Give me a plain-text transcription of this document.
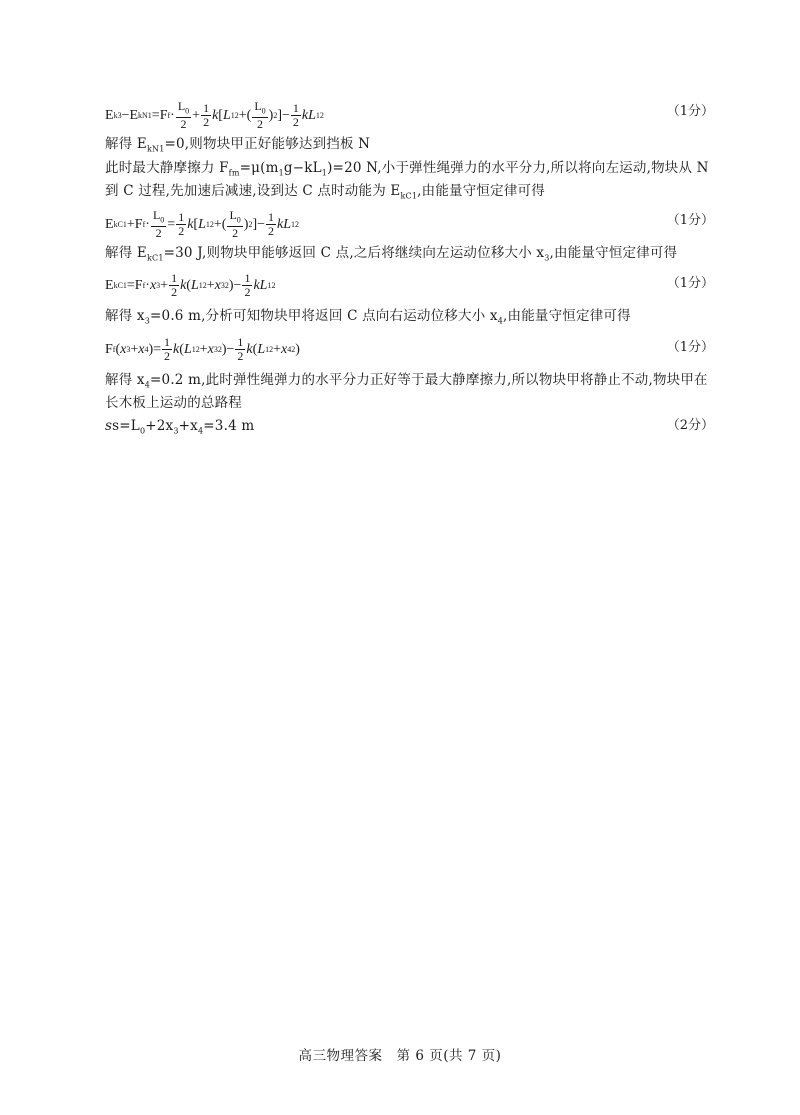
E k3 −E kN1 =F $f \cdot \frac{L_0}{2} + \frac{1}{2}$ k [ L 1 2 +( $\frac{L_0}{2}$ ) 2 ]− $\frac{1}{2}$ kL 1 2	（1分）
解得 $E_{kN1}=0$,则物块甲正好能够达到挡板 N
此时最大静摩擦力 $F_{fm}=\mu(m_1g-kL_1)=20$ N,小于弹性绳弹力的水平分力,所以将向左运动,物块从 N
到 C 过程,先加速后减速,设到达 C 点时动能为 $E_{kC1}$,由能量守恒定律可得
E kC1 +F $f \cdot \frac{L_0}{2} = \frac{1}{2}$ k [ L 1 2 +( $\frac{L_0}{2}$ ) 2 ]− $\frac{1}{2}$ kL 1 2	（1分）
解得 $E_{kC1}=30$ J,则物块甲能够返回 C 点,之后将继续向左运动位移大小 $x_3$,由能量守恒定律可得
E kC1 =F f · x $3 + \frac{1}{2}$ k ( L 1 2 + x 3 2 )− $\frac{1}{2}$ kL 1 2	（1分）
解得 $x_3=0.6$ m,分析可知物块甲将返回 C 点向右运动位移大小 $x_4$,由能量守恒定律可得
F f ( x 3 + x 4 )= $\frac{1}{2}$ k ( L 1 2 + x 3 2 )− $\frac{1}{2}$ k ( L 1 2 + x 4 2 )	（1分）
解得 $x_4=0.2$ m,此时弹性绳弹力的水平分力正好等于最大静摩擦力,所以物块甲将静止不动,物块甲在
长木板上运动的总路程
$ss=L_0+2x_3+x_4=3.4$ m	（2分）
高三物理答案　第 6 页(共 7 页)
